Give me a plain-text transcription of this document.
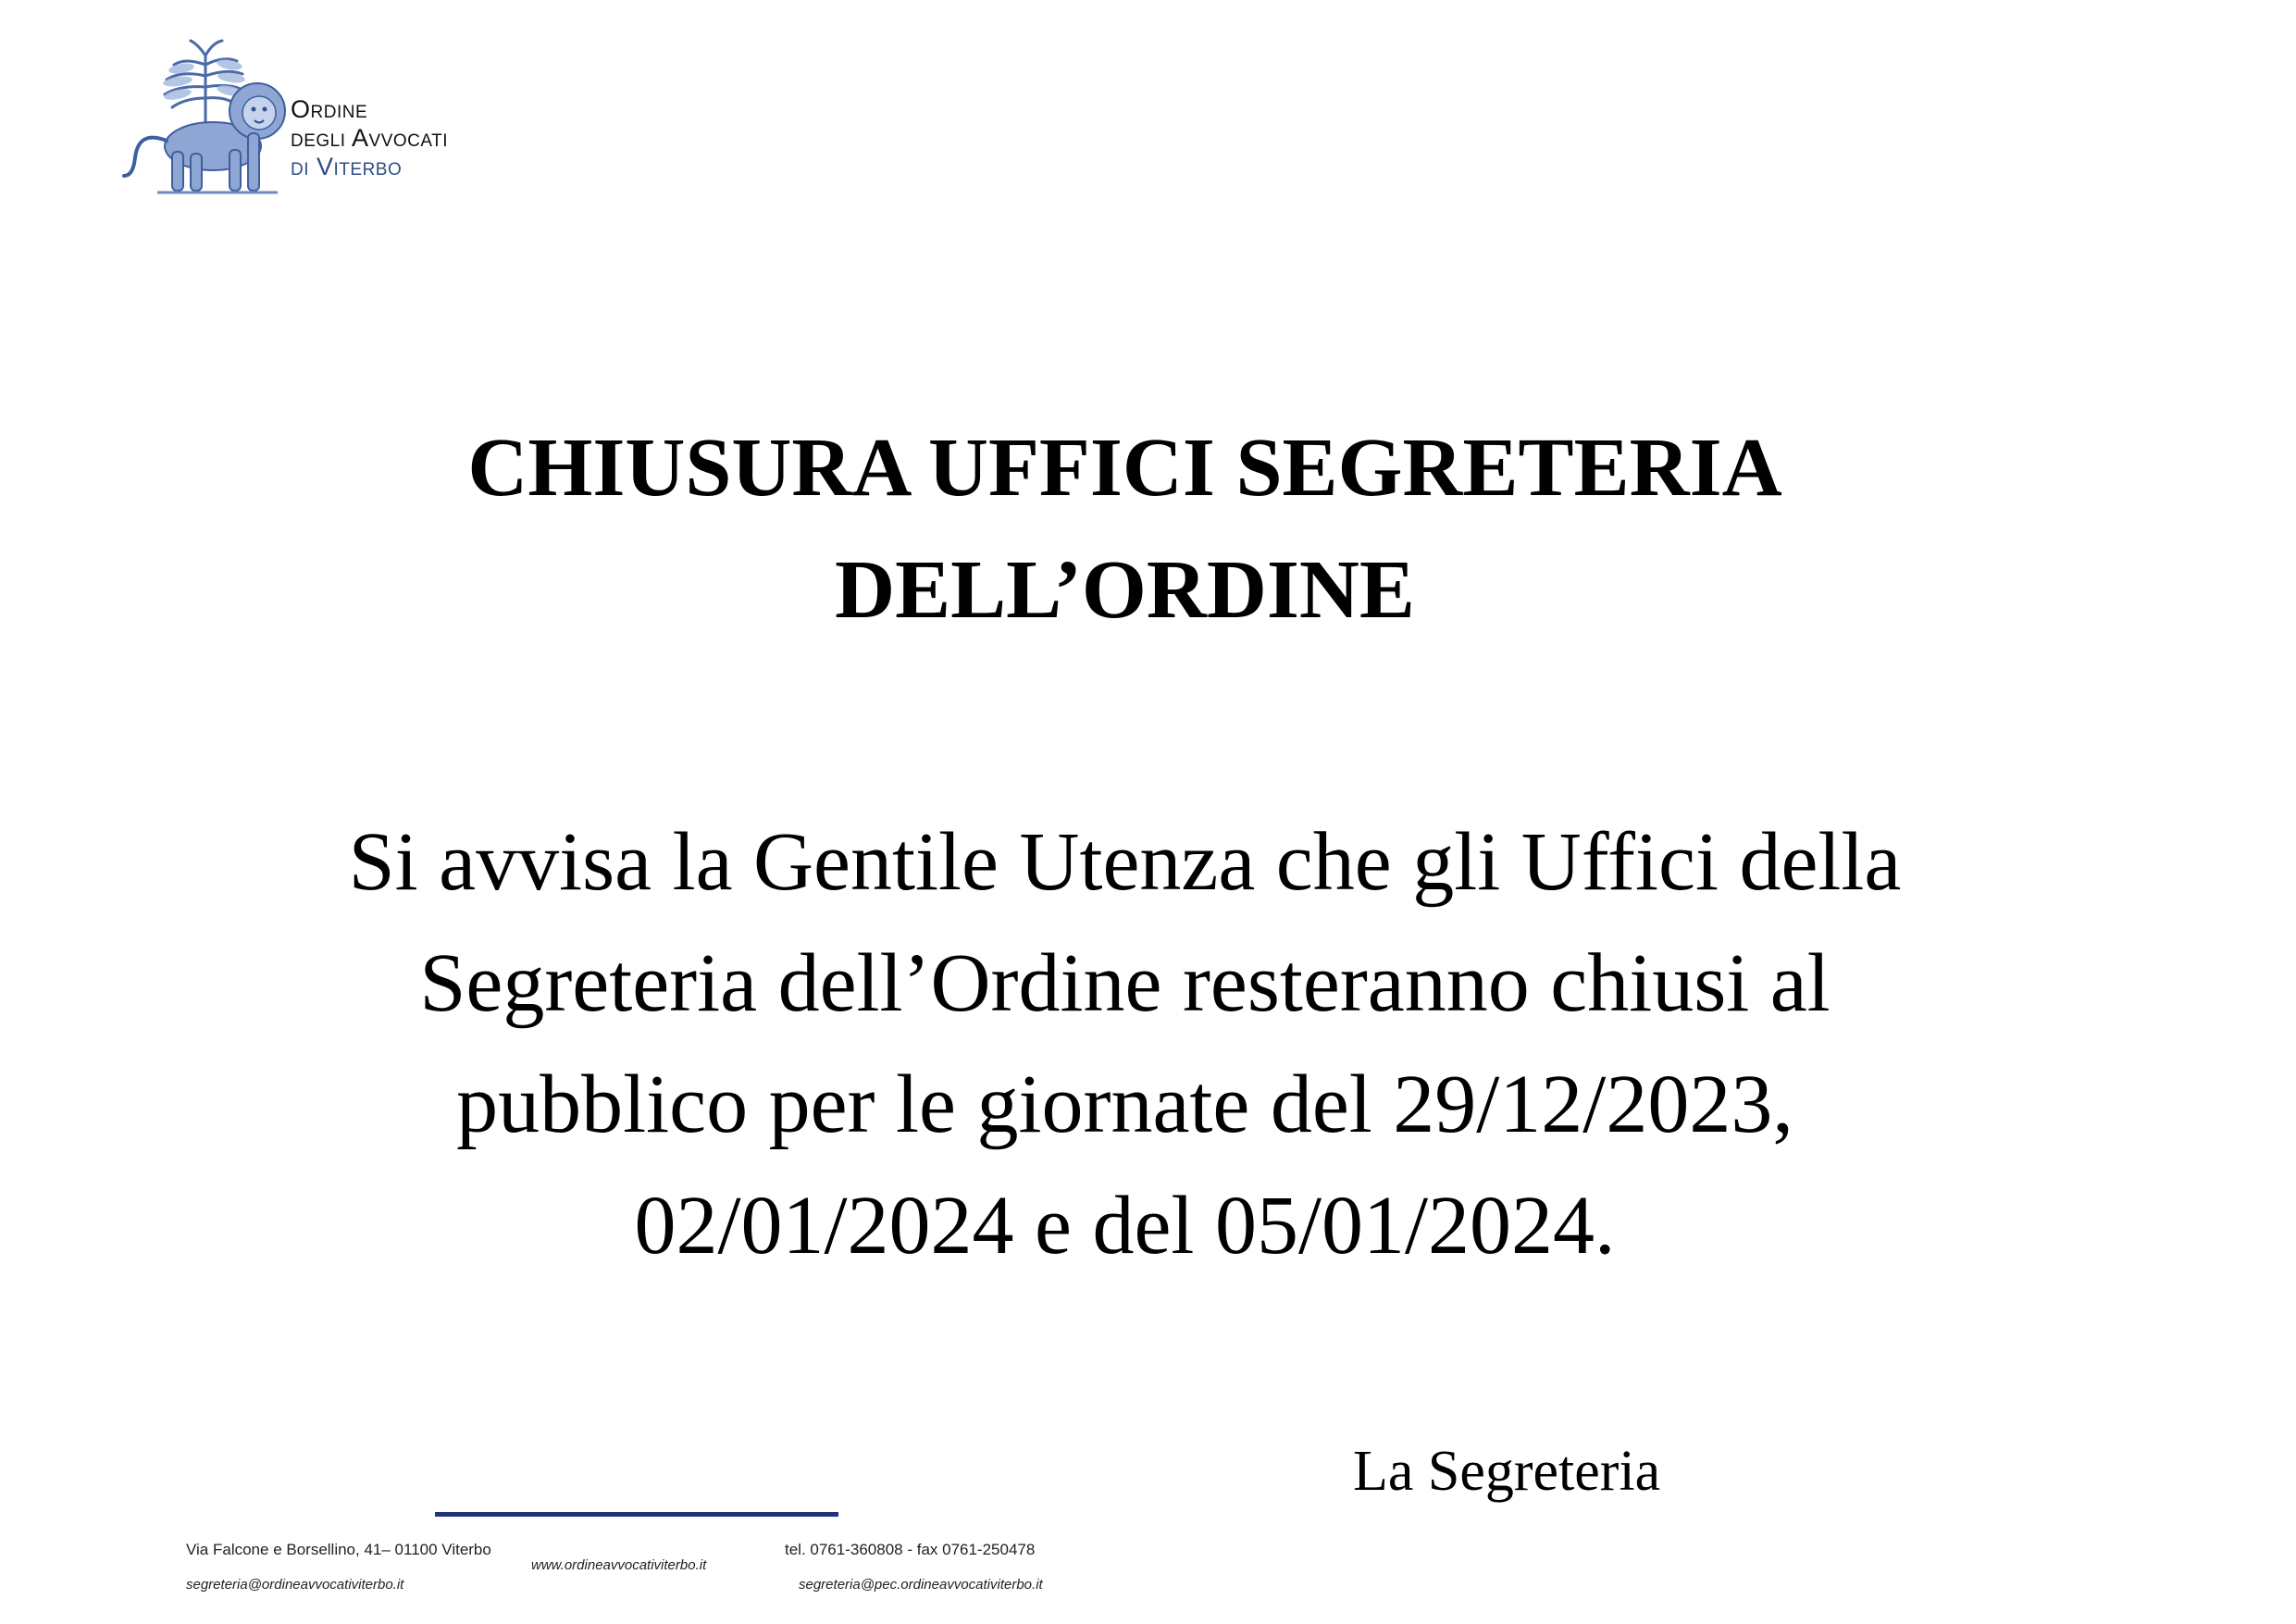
Ordine
degli Avvocati
di Viterbo
CHIUSURA UFFICI SEGRETERIA
DELL’ORDINE
Si avvisa la Gentile Utenza che gli Uffici della
Segreteria dell’Ordine resteranno chiusi al
pubblico per le giornate del 29/12/2023,
02/01/2024 e del 05/01/2024.
La Segreteria
Via Falcone e Borsellino, 41– 01100 Viterbo	tel. 0761-360808 - fax 0761-250478
www.ordineavvocativiterbo.it
segreteria@ordineavvocativiterbo.it	segreteria@pec.ordineavvocativiterbo.it
